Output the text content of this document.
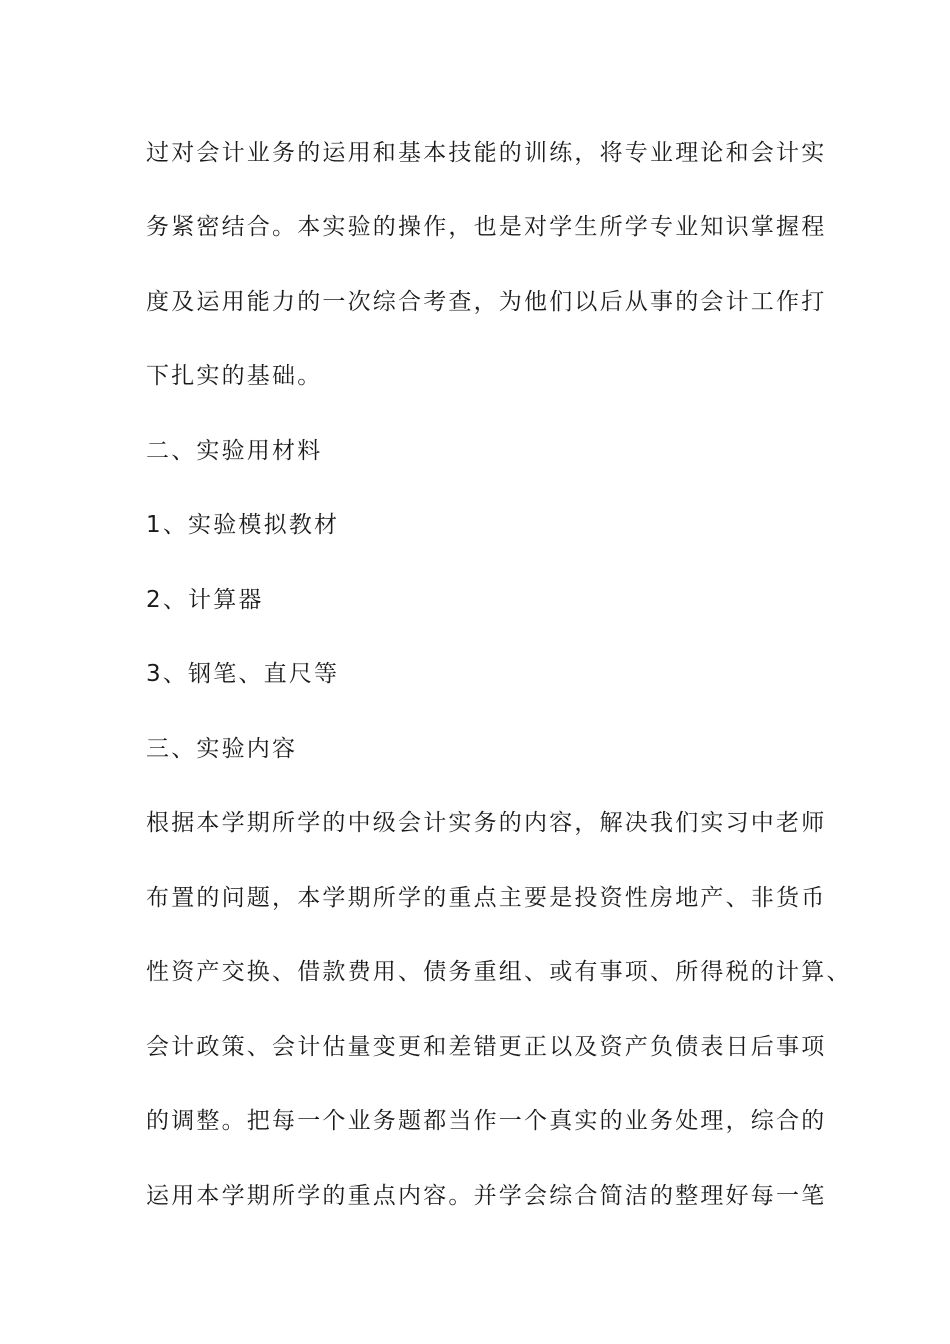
过对会计业务的运用和基本技能的训练，将专业理论和会计实

务紧密结合。本实验的操作，也是对学生所学专业知识掌握程

度及运用能力的一次综合考查，为他们以后从事的会计工作打

下扎实的基础。

二、实验用材料

1、实验模拟教材

2、计算器

3、钢笔、直尺等

三、实验内容

根据本学期所学的中级会计实务的内容，解决我们实习中老师

布置的问题，本学期所学的重点主要是投资性房地产、非货币

性资产交换、借款费用、债务重组、或有事项、所得税的计算、

会计政策、会计估量变更和差错更正以及资产负债表日后事项

的调整。把每一个业务题都当作一个真实的业务处理，综合的

运用本学期所学的重点内容。并学会综合简洁的整理好每一笔
